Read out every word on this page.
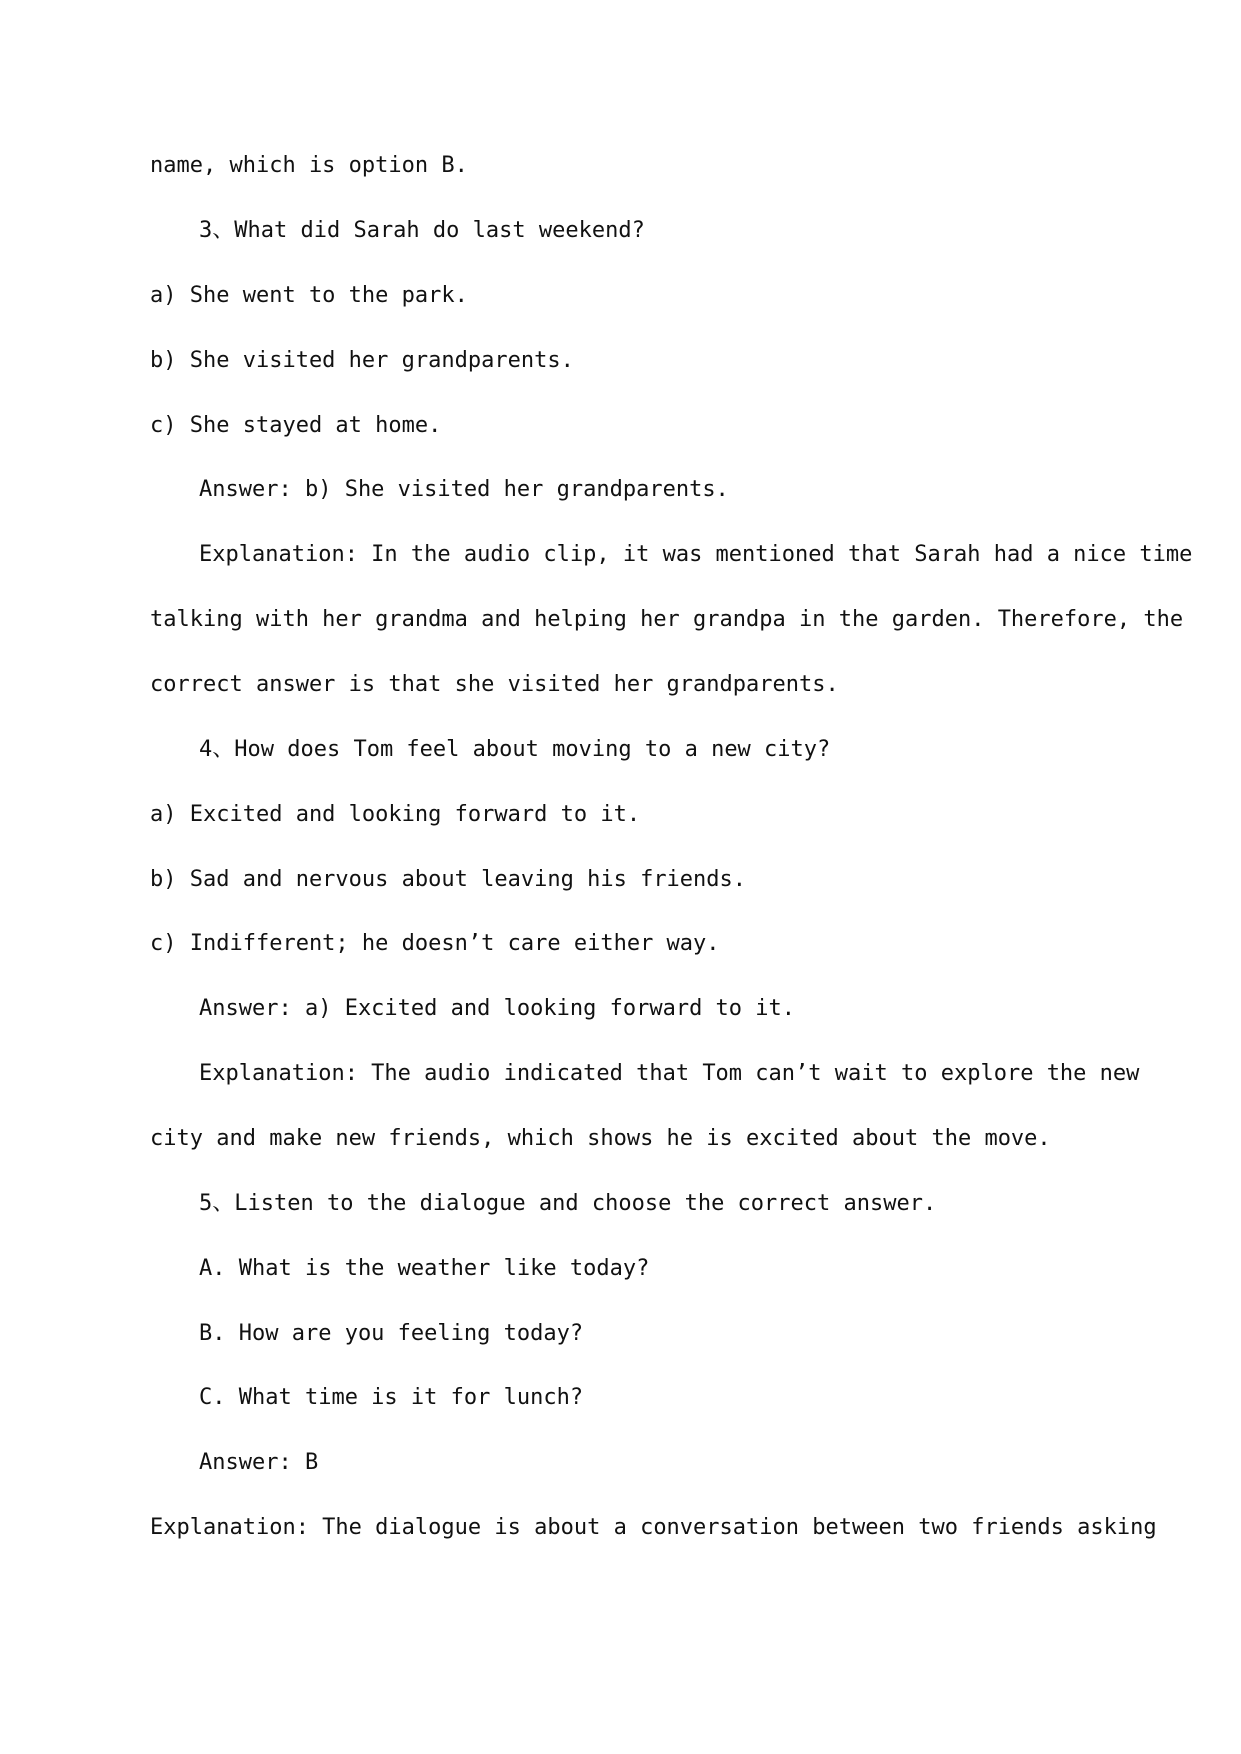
name, which is option B.
3、What did Sarah do last weekend?
a) She went to the park.
b) She visited her grandparents.
c) She stayed at home.
Answer: b) She visited her grandparents.
Explanation: In the audio clip, it was mentioned that Sarah had a nice time
talking with her grandma and helping her grandpa in the garden. Therefore, the
correct answer is that she visited her grandparents.
4、How does Tom feel about moving to a new city?
a) Excited and looking forward to it.
b) Sad and nervous about leaving his friends.
c) Indifferent; he doesn’t care either way.
Answer: a) Excited and looking forward to it.
Explanation: The audio indicated that Tom can’t wait to explore the new
city and make new friends, which shows he is excited about the move.
5、Listen to the dialogue and choose the correct answer.
A. What is the weather like today?
B. How are you feeling today?
C. What time is it for lunch?
Answer: B
Explanation: The dialogue is about a conversation between two friends asking
